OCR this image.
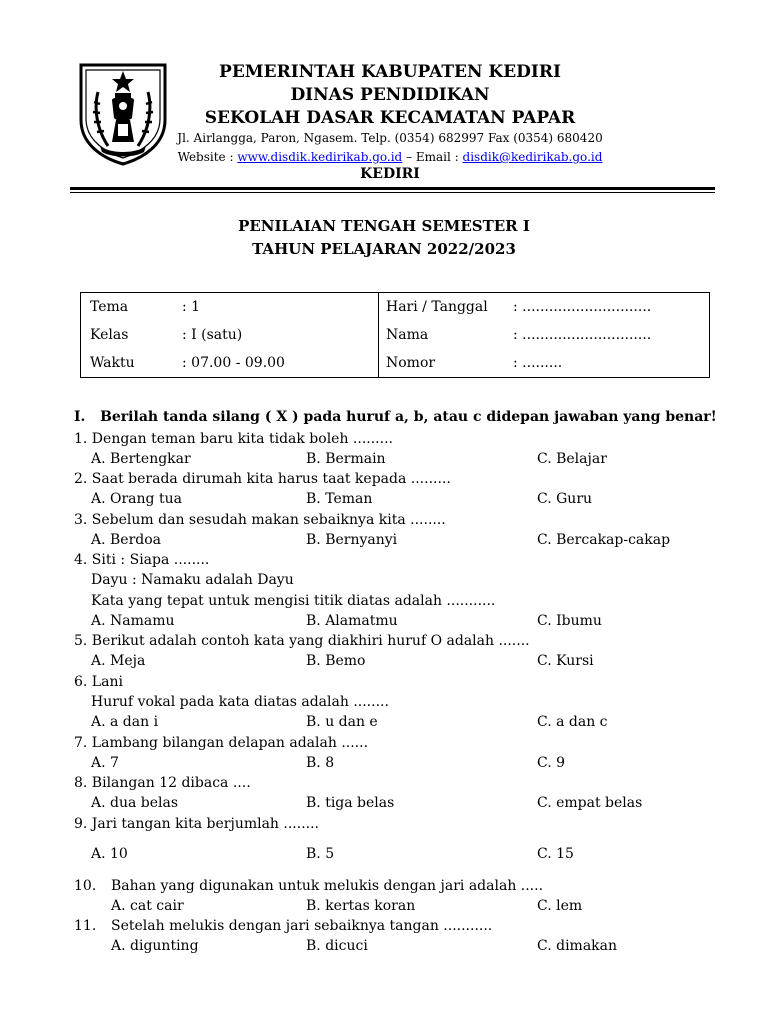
PEMERINTAH KABUPATEN KEDIRI
DINAS PENDIDIKAN
SEKOLAH DASAR KECAMATAN PAPAR
Jl. Airlangga, Paron, Ngasem. Telp. (0354) 682997 Fax (0354) 680420
Website : www.disdik.kedirikab.go.id – Email : disdik@kedirikab.go.id
KEDIRI
PENILAIAN TENGAH SEMESTER I
TAHUN PELAJARAN 2022/2023
Tema	: 1
Kelas	: I (satu)
Waktu	: 07.00 - 09.00
Hari / Tanggal : .............................
Nama	: .............................
Nomor	: .........
I. Berilah tanda silang ( X ) pada huruf a, b, atau c didepan jawaban yang benar!
1. Dengan teman baru kita tidak boleh .........
A. Bertengkar	B. Bermain	C. Belajar
2. Saat berada dirumah kita harus taat kepada .........
A. Orang tua	B. Teman	C. Guru
3. Sebelum dan sesudah makan sebaiknya kita ........
A. Berdoa	B. Bernyanyi	C. Bercakap-cakap
4. Siti : Siapa ........
Dayu : Namaku adalah Dayu
Kata yang tepat untuk mengisi titik diatas adalah ...........
A. Namamu	B. Alamatmu	C. Ibumu
5. Berikut adalah contoh kata yang diakhiri huruf O adalah .......
A. Meja	B. Bemo	C. Kursi
6. Lani
Huruf vokal pada kata diatas adalah ........
A. a dan i	B. u dan e	C. a dan c
7. Lambang bilangan delapan adalah ......
A. 7	B. 8	C. 9
8. Bilangan 12 dibaca ....
A. dua belas	B. tiga belas	C. empat belas
9. Jari tangan kita berjumlah ........
A. 10	B. 5	C. 15
10. Bahan yang digunakan untuk melukis dengan jari adalah .....
A. cat cair	B. kertas koran	C. lem
11. Setelah melukis dengan jari sebaiknya tangan ...........
A. digunting	B. dicuci	C. dimakan
